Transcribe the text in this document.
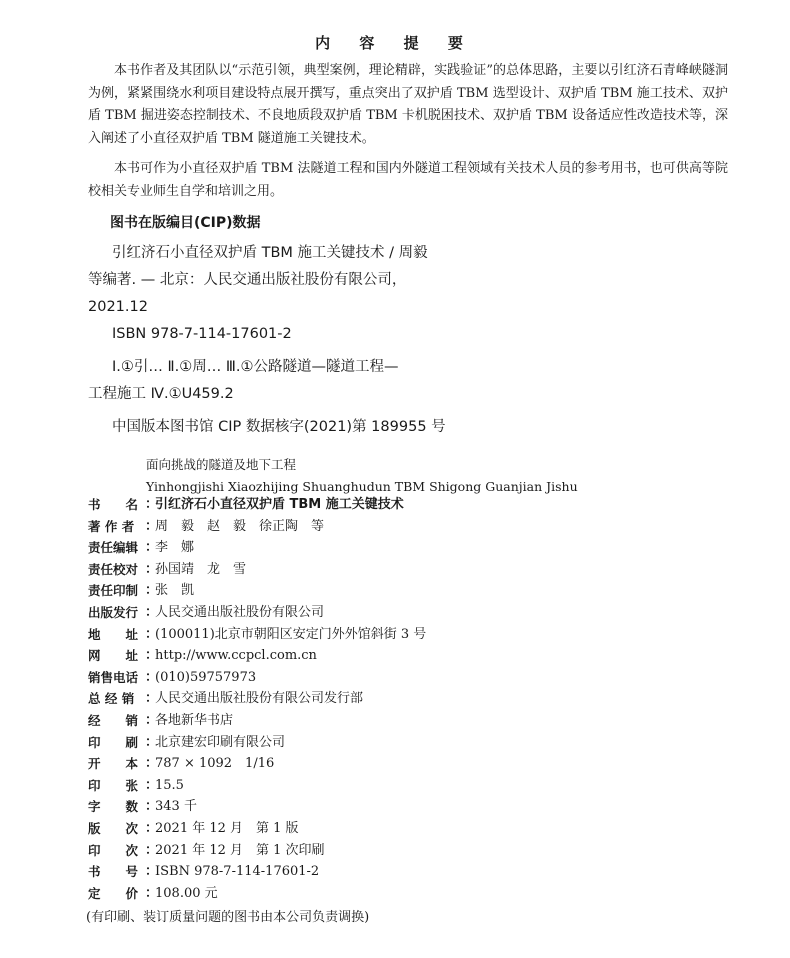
内 容 提 要

本书作者及其团队以“示范引领，典型案例，理论精辟，实践验证”的总体思路，主要以引红济石青峰峡隧洞为例，紧紧围绕水利项目建设特点展开撰写，重点突出了双护盾 TBM 选型设计、双护盾 TBM 施工技术、双护盾 TBM 掘进姿态控制技术、不良地质段双护盾 TBM 卡机脱困技术、双护盾 TBM 设备适应性改造技术等，深入阐述了小直径双护盾 TBM 隧道施工关键技术。

本书可作为小直径双护盾 TBM 法隧道工程和国内外隧道工程领域有关技术人员的参考用书，也可供高等院校相关专业师生自学和培训之用。

图书在版编目(CIP)数据
引红济石小直径双护盾 TBM 施工关键技术 / 周毅
等编著. — 北京：人民交通出版社股份有限公司，
2021.12
ISBN 978-7-114-17601-2
Ⅰ.①引… Ⅱ.①周… Ⅲ.①公路隧道—隧道工程—
工程施工 Ⅳ.①U459.2
中国版本图书馆 CIP 数据核字(2021)第 189955 号
面向挑战的隧道及地下工程
Yinhongjishi Xiaozhijing Shuanghudun TBM Shigong Guanjian Jishu
书　　名 ：
引红济石小直径双护盾 TBM 施工关键技术
著 作 者 ：
周　毅　赵　毅　徐正陶　等
责任编辑 ：
李　娜
责任校对 ：
孙国靖　龙　雪
责任印制 ：
张　凯
出版发行 ：
人民交通出版社股份有限公司
地　　址 ：
(100011)北京市朝阳区安定门外外馆斜街 3 号
网　　址 ：
http://www.ccpcl.com.cn
销售电话 ：
(010)59757973
总 经 销 ：
人民交通出版社股份有限公司发行部
经　　销 ：
各地新华书店
印　　刷 ：
北京建宏印刷有限公司
开　　本 ：
787 × 1092　1/16
印　　张 ：
15.5
字　　数 ：
343 千
版　　次 ：
2021 年 12 月　第 1 版
印　　次 ：
2021 年 12 月　第 1 次印刷
书　　号 ：
ISBN 978-7-114-17601-2
定　　价 ：
108.00 元
(有印刷、装订质量问题的图书由本公司负责调换)
